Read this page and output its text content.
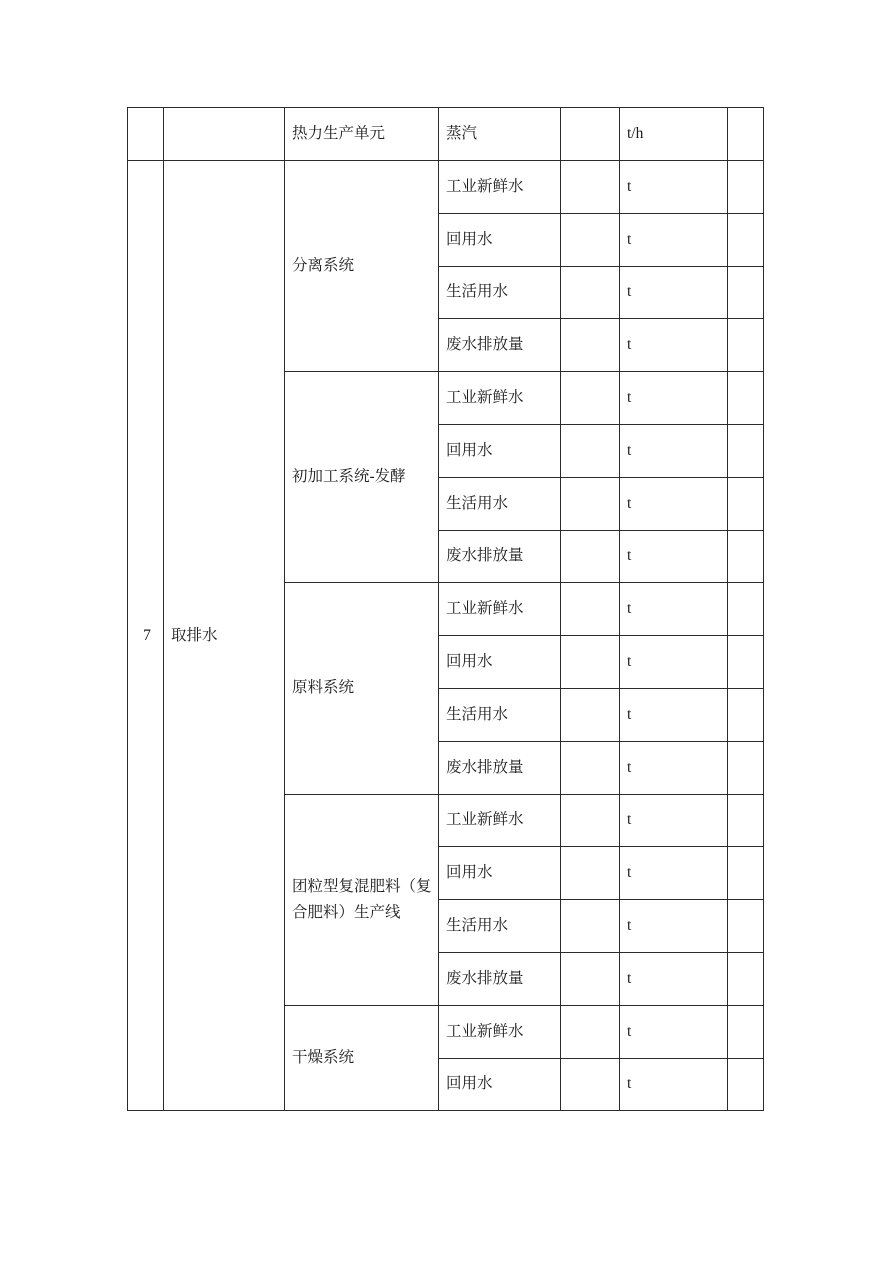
		热力生产单元	蒸汽		t/h	
7	取排水	分离系统	工业新鲜水		t	
			回用水		t	
			生活用水		t	
			废水排放量		t	
		初加工系统-发酵	工业新鲜水		t	
			回用水		t	
			生活用水		t	
			废水排放量		t	
		原料系统	工业新鲜水		t	
			回用水		t	
			生活用水		t	
			废水排放量		t	
		团粒型复混肥料（复合肥料）生产线	工业新鲜水		t	
			回用水		t	
			生活用水		t	
			废水排放量		t	
		干燥系统	工业新鲜水		t	
			回用水		t	
